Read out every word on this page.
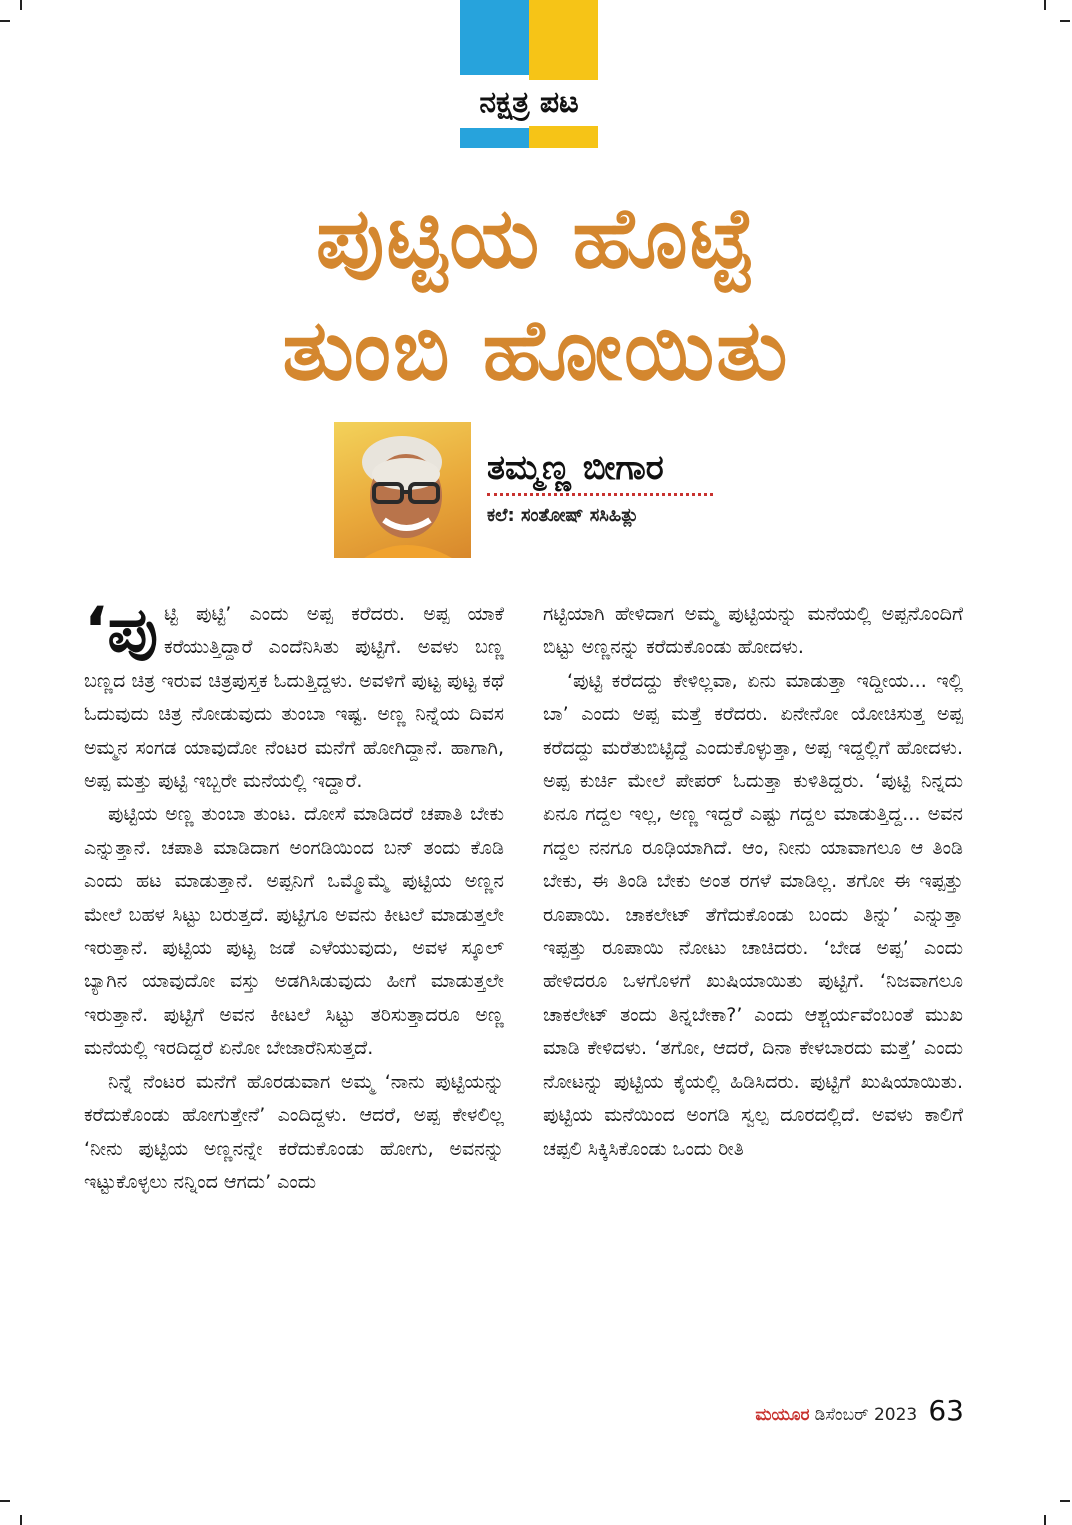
ನಕ್ಷತ್ರ ಪಟ
ಪುಟ್ಟಿಯ ಹೊಟ್ಟೆ
ತುಂಬಿ ಹೋಯಿತು
ತಮ್ಮಣ್ಣ ಬೀಗಾರ
ಕಲೆ: ಸಂತೋಷ್ ಸಸಿಹಿತ್ಲು
‘ಪು ಟ್ಟಿ ಪುಟ್ಟಿ’ ಎಂದು ಅಪ್ಪ ಕರೆದರು. ಅಪ್ಪ ಯಾಕೆ ಕರೆಯುತ್ತಿದ್ದಾರೆ ಎಂದೆನಿಸಿತು ಪುಟ್ಟಿಗೆ. ಅವಳು ಬಣ್ಣ ಬಣ್ಣದ ಚಿತ್ರ ಇರುವ ಚಿತ್ರಪುಸ್ತಕ ಓದುತ್ತಿದ್ದಳು. ಅವಳಿಗೆ ಪುಟ್ಟ ಪುಟ್ಟ ಕಥೆ ಓದುವುದು ಚಿತ್ರ ನೋಡುವುದು ತುಂಬಾ ಇಷ್ಟ. ಅಣ್ಣ ನಿನ್ನೆಯ ದಿವಸ ಅಮ್ಮನ ಸಂಗಡ ಯಾವುದೋ ನೆಂಟರ ಮನೆಗೆ ಹೋಗಿದ್ದಾನೆ. ಹಾಗಾಗಿ, ಅಪ್ಪ ಮತ್ತು ಪುಟ್ಟಿ ಇಬ್ಬರೇ ಮನೆಯಲ್ಲಿ ಇದ್ದಾರೆ.

ಪುಟ್ಟಿಯ ಅಣ್ಣ ತುಂಬಾ ತುಂಟ. ದೋಸೆ ಮಾಡಿದರೆ ಚಪಾತಿ ಬೇಕು ಎನ್ನುತ್ತಾನೆ. ಚಪಾತಿ ಮಾಡಿದಾಗ ಅಂಗಡಿಯಿಂದ ಬನ್ ತಂದು ಕೊಡಿ ಎಂದು ಹಟ ಮಾಡುತ್ತಾನೆ. ಅಪ್ಪನಿಗೆ ಒಮ್ಮೊಮ್ಮೆ ಪುಟ್ಟಿಯ ಅಣ್ಣನ ಮೇಲೆ ಬಹಳ ಸಿಟ್ಟು ಬರುತ್ತದೆ. ಪುಟ್ಟಿಗೂ ಅವನು ಕೀಟಲೆ ಮಾಡುತ್ತಲೇ ಇರುತ್ತಾನೆ. ಪುಟ್ಟಿಯ ಪುಟ್ಟ ಜಡೆ ಎಳೆಯುವುದು, ಅವಳ ಸ್ಕೂಲ್ ಬ್ಯಾಗಿನ ಯಾವುದೋ ವಸ್ತು ಅಡಗಿಸಿಡುವುದು ಹೀಗೆ ಮಾಡುತ್ತಲೇ ಇರುತ್ತಾನೆ. ಪುಟ್ಟಿಗೆ ಅವನ ಕೀಟಲೆ ಸಿಟ್ಟು ತರಿಸುತ್ತಾದರೂ ಅಣ್ಣ ಮನೆಯಲ್ಲಿ ಇರದಿದ್ದರೆ ಏನೋ ಬೇಜಾರೆನಿಸುತ್ತದೆ.

ನಿನ್ನೆ ನೆಂಟರ ಮನೆಗೆ ಹೊರಡುವಾಗ ಅಮ್ಮ ‘ನಾನು ಪುಟ್ಟಿಯನ್ನು ಕರೆದುಕೊಂಡು ಹೋಗುತ್ತೇನೆ’ ಎಂದಿದ್ದಳು. ಆದರೆ, ಅಪ್ಪ ಕೇಳಲಿಲ್ಲ ‘ನೀನು ಪುಟ್ಟಿಯ ಅಣ್ಣನನ್ನೇ ಕರೆದುಕೊಂಡು ಹೋಗು, ಅವನನ್ನು ಇಟ್ಟುಕೊಳ್ಳಲು ನನ್ನಿಂದ ಆಗದು’ ಎಂದು

ಗಟ್ಟಿಯಾಗಿ ಹೇಳಿದಾಗ ಅಮ್ಮ ಪುಟ್ಟಿಯನ್ನು ಮನೆಯಲ್ಲಿ ಅಪ್ಪನೊಂದಿಗೆ ಬಿಟ್ಟು ಅಣ್ಣನನ್ನು ಕರೆದುಕೊಂಡು ಹೋದಳು.

‘ಪುಟ್ಟಿ ಕರೆದದ್ದು ಕೇಳಿಲ್ಲವಾ, ಏನು ಮಾಡುತ್ತಾ ಇದ್ದೀಯ... ಇಲ್ಲಿ ಬಾ’ ಎಂದು ಅಪ್ಪ ಮತ್ತೆ ಕರೆದರು. ಏನೇನೋ ಯೋಚಿಸುತ್ತ ಅಪ್ಪ ಕರೆದದ್ದು ಮರೆತುಬಿಟ್ಟಿದ್ದೆ ಎಂದುಕೊಳ್ಳುತ್ತಾ, ಅಪ್ಪ ಇದ್ದಲ್ಲಿಗೆ ಹೋದಳು. ಅಪ್ಪ ಕುರ್ಚಿ ಮೇಲೆ ಪೇಪರ್ ಓದುತ್ತಾ ಕುಳಿತಿದ್ದರು. ‘ಪುಟ್ಟಿ ನಿನ್ನದು ಏನೂ ಗದ್ದಲ ಇಲ್ಲ, ಅಣ್ಣ ಇದ್ದರೆ ಎಷ್ಟು ಗದ್ದಲ ಮಾಡುತ್ತಿದ್ದ... ಅವನ ಗದ್ದಲ ನನಗೂ ರೂಢಿಯಾಗಿದೆ. ಆಂ, ನೀನು ಯಾವಾಗಲೂ ಆ ತಿಂಡಿ ಬೇಕು, ಈ ತಿಂಡಿ ಬೇಕು ಅಂತ ರಗಳೆ ಮಾಡಿಲ್ಲ. ತಗೋ ಈ ಇಪ್ಪತ್ತು ರೂಪಾಯಿ. ಚಾಕಲೇಟ್ ತೆಗೆದುಕೊಂಡು ಬಂದು ತಿನ್ನು’ ಎನ್ನುತ್ತಾ ಇಪ್ಪತ್ತು ರೂಪಾಯಿ ನೋಟು ಚಾಚಿದರು. ‘ಬೇಡ ಅಪ್ಪ’ ಎಂದು ಹೇಳಿದರೂ ಒಳಗೊಳಗೆ ಖುಷಿಯಾಯಿತು ಪುಟ್ಟಿಗೆ. ‘ನಿಜವಾಗಲೂ ಚಾಕಲೇಟ್ ತಂದು ತಿನ್ನಬೇಕಾ?’ ಎಂದು ಆಶ್ಚರ್ಯವೆಂಬಂತೆ ಮುಖ ಮಾಡಿ ಕೇಳಿದಳು. ‘ತಗೋ, ಆದರೆ, ದಿನಾ ಕೇಳಬಾರದು ಮತ್ತೆ’ ಎಂದು ನೋಟನ್ನು ಪುಟ್ಟಿಯ ಕೈಯಲ್ಲಿ ಹಿಡಿಸಿದರು. ಪುಟ್ಟಿಗೆ ಖುಷಿಯಾಯಿತು. ಪುಟ್ಟಿಯ ಮನೆಯಿಂದ ಅಂಗಡಿ ಸ್ವಲ್ಪ ದೂರದಲ್ಲಿದೆ. ಅವಳು ಕಾಲಿಗೆ ಚಪ್ಪಲಿ ಸಿಕ್ಕಿಸಿಕೊಂಡು ಒಂದು ರೀತಿ

ಮಯೂರ ಡಿಸೆಂಬರ್ 2023 63
